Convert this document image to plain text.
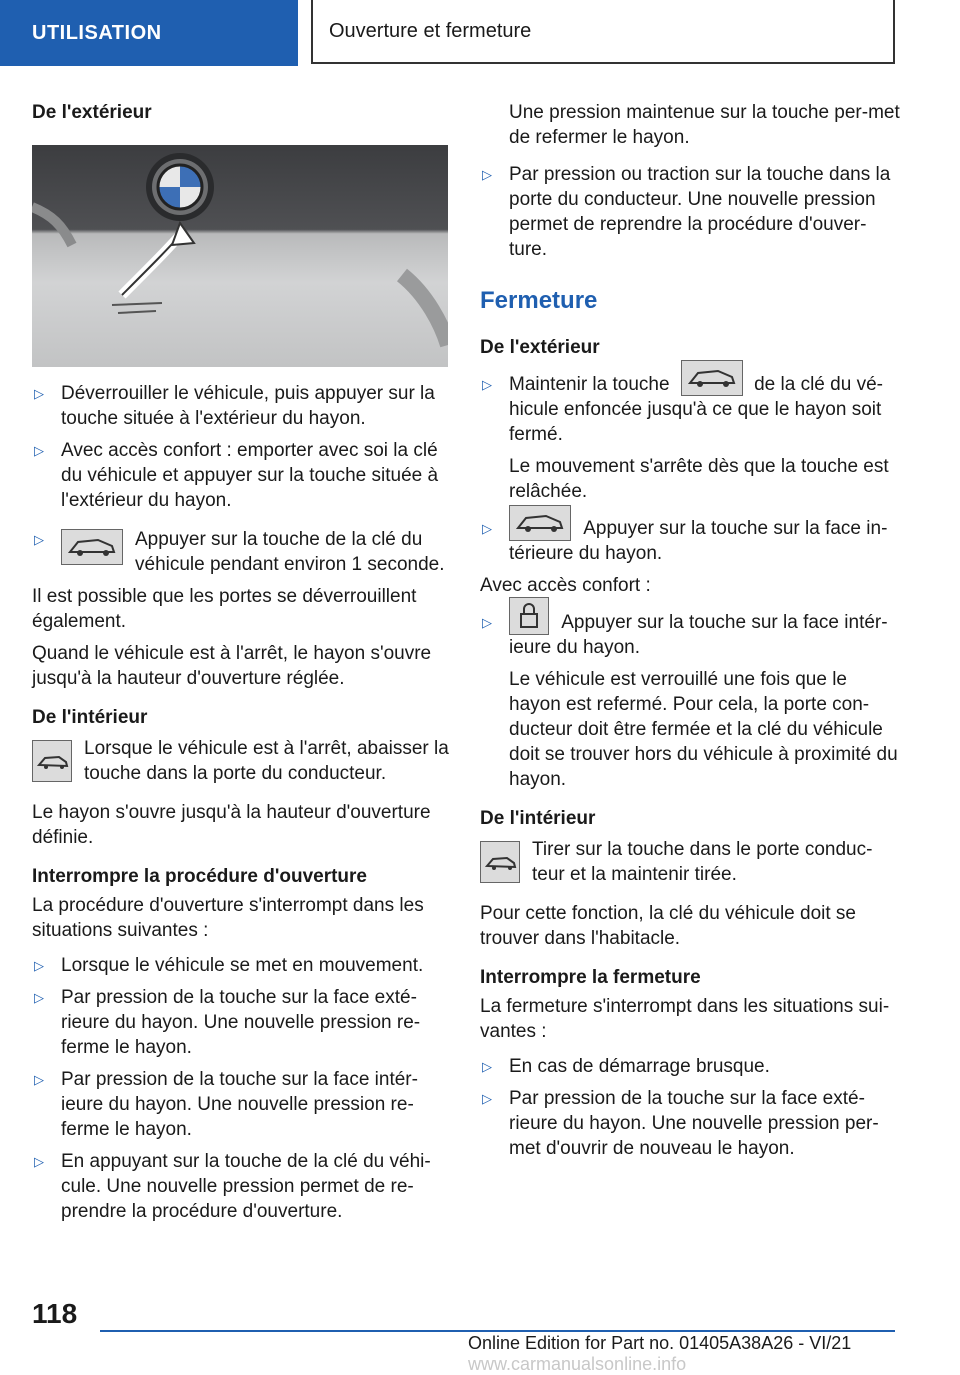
UTILISATION	Ouverture et fermeture
De l'extérieur
▷ Déverrouiller le véhicule, puis appuyer sur la touche située à l'extérieur du hayon.
▷ Avec accès confort : emporter avec soi la clé du véhicule et appuyer sur la touche située à l'extérieur du hayon.
▷	Appuyer sur la touche de la clé du véhicule pendant environ 1 seconde.

Il est possible que les portes se déverrouillent également.

Quand le véhicule est à l'arrêt, le hayon s'ouvre jusqu'à la hauteur d'ouverture réglée.

De l'intérieur
Lorsque le véhicule est à l'arrêt, abaisser la touche dans la porte du conducteur.

Le hayon s'ouvre jusqu'à la hauteur d'ouverture définie.

Interrompre la procédure d'ouverture

La procédure d'ouverture s'interrompt dans les situations suivantes :

▷ Lorsque le véhicule se met en mouvement.
▷ Par pression de la touche sur la face exté-rieure du hayon. Une nouvelle pression re-ferme le hayon.
▷ Par pression de la touche sur la face intér-ieure du hayon. Une nouvelle pression re-ferme le hayon.
▷ En appuyant sur la touche de la clé du véhi-cule. Une nouvelle pression permet de re-prendre la procédure d'ouverture.

Une pression maintenue sur la touche per-met de refermer le hayon.

▷ Par pression ou traction sur la touche dans la porte du conducteur. Une nouvelle pression permet de reprendre la procédure d'ouver-ture.
Fermeture
De l'extérieur
▷ Maintenir la touche	de la clé du vé-hicule enfoncée jusqu'à ce que le hayon soit fermé.

Le mouvement s'arrête dès que la touche est relâchée.

▷	Appuyer sur la touche sur la face in-térieure du hayon.

Avec accès confort :

▷	Appuyer sur la touche sur la face intér-ieure du hayon.

Le véhicule est verrouillé une fois que le hayon est refermé. Pour cela, la porte con-ducteur doit être fermée et la clé du véhicule doit se trouver hors du véhicule à proximité du hayon.

De l'intérieur
Tirer sur la touche dans le porte conduc-teur et la maintenir tirée.

Pour cette fonction, la clé du véhicule doit se trouver dans l'habitacle.

Interrompre la fermeture

La fermeture s'interrompt dans les situations sui-vantes :

▷ En cas de démarrage brusque.
▷ Par pression de la touche sur la face exté-rieure du hayon. Une nouvelle pression per-met d'ouvrir de nouveau le hayon.
118
Online Edition for Part no. 01405A38A26 - VI/21 www.carmanualsonline.info
